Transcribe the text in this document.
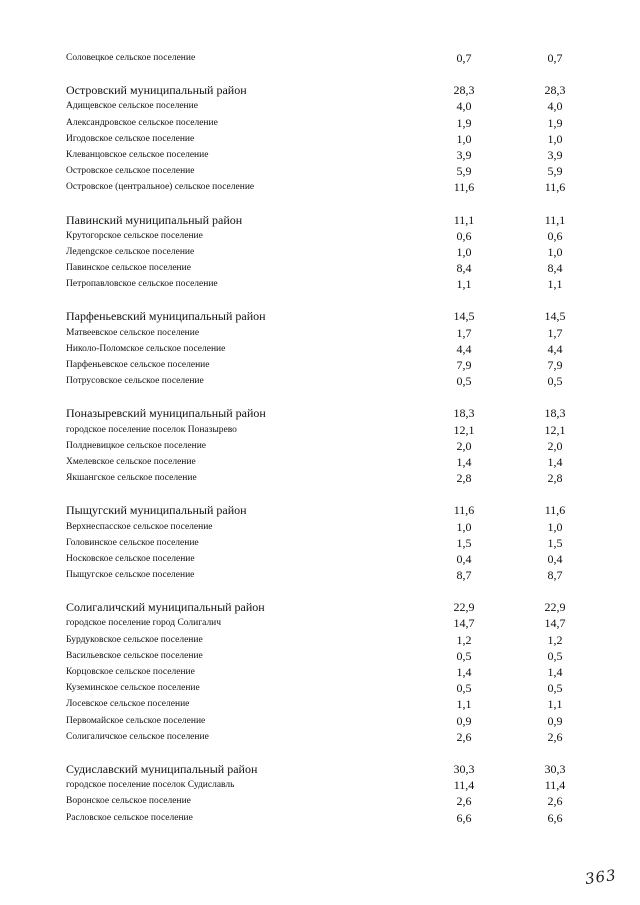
Соловецкое сельское поселение	0,7	0,7
Островский муниципальный район	28,3	28,3
Адищевское сельское поселение	4,0	4,0
Александровское сельское поселение	1,9	1,9
Игодовское сельское поселение	1,0	1,0
Клеванцовское сельское поселение	3,9	3,9
Островское сельское поселение	5,9	5,9
Островское (центральное) сельское поселение	11,6	11,6
Павинский муниципальный район	11,1	11,1
Крутогорское сельское поселение	0,6	0,6
Ледengское сельское поселение	1,0	1,0
Павинское сельское поселение	8,4	8,4
Петропавловское сельское поселение	1,1	1,1
Парфеньевский муниципальный район	14,5	14,5
Матвеевское сельское поселение	1,7	1,7
Николо-Поломское сельское поселение	4,4	4,4
Парфеньевское сельское поселение	7,9	7,9
Потрусовское сельское поселение	0,5	0,5
Поназыревский муниципальный район	18,3	18,3
городское поселение поселок Поназырево	12,1	12,1
Полдневицкое сельское поселение	2,0	2,0
Хмелевское сельское поселение	1,4	1,4
Якшангское сельское поселение	2,8	2,8
Пыщугский муниципальный район	11,6	11,6
Верхнеспасское сельское поселение	1,0	1,0
Головинское сельское поселение	1,5	1,5
Носковское сельское поселение	0,4	0,4
Пыщугское сельское поселение	8,7	8,7
Солигаличский муниципальный район	22,9	22,9
городское поселение город Солигалич	14,7	14,7
Бурдуковское сельское поселение	1,2	1,2
Васильевское сельское поселение	0,5	0,5
Корцовское сельское поселение	1,4	1,4
Куземинское сельское поселение	0,5	0,5
Лосевское сельское поселение	1,1	1,1
Первомайское сельское поселение	0,9	0,9
Солигаличское сельское поселение	2,6	2,6
Судиславский муниципальный район	30,3	30,3
городское поселение поселок Судиславль	11,4	11,4
Воронское сельское поселение	2,6	2,6
Расловское сельское поселение	6,6	6,6
363
